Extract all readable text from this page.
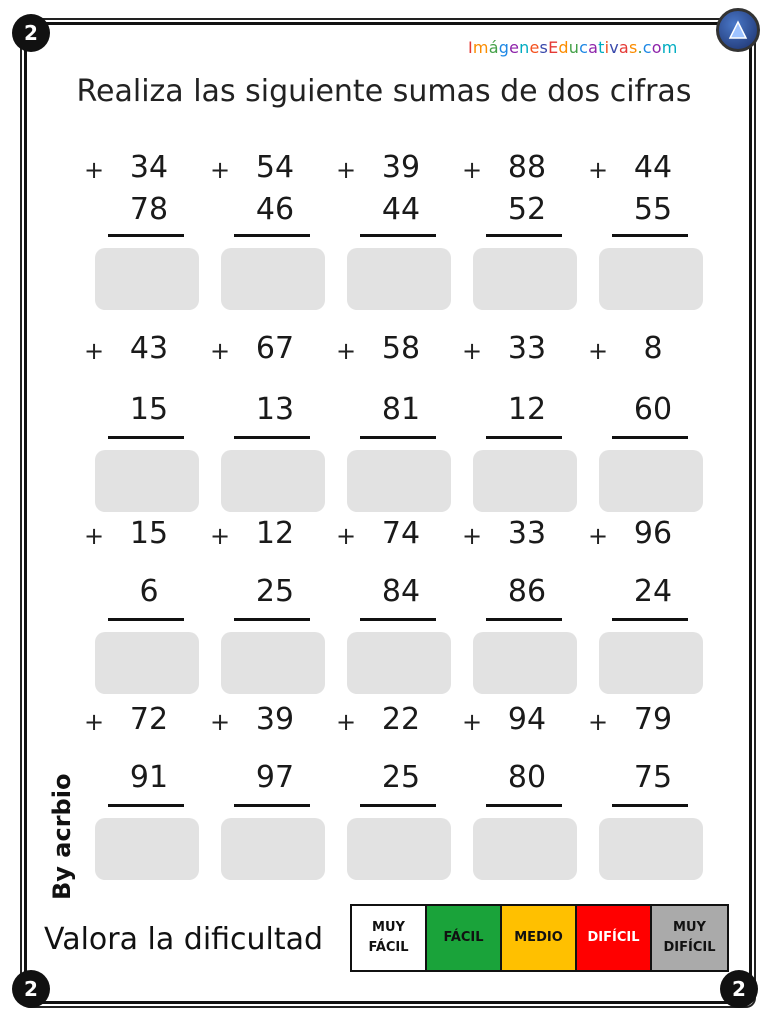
2
2	2
ImágenesEducativas.com
Realiza las siguiente sumas de dos cifras
+ 34
78
+ 54
46
+ 39
44
+ 88
52
+ 44
55
+ 43
15
+ 67
13
+ 58
81
+ 33
12
+	8
60
+ 15
6
+ 12
25
+ 74
84
+ 33
86
+ 96
24
+ 72
91
+ 39
97
+ 22
25
+ 94
80
+ 79
75
By acrbio
Valora la dificultad	MUY FÁCIL
FÁCIL	MEDIO	DIFÍCIL
MUY DIFÍCIL
